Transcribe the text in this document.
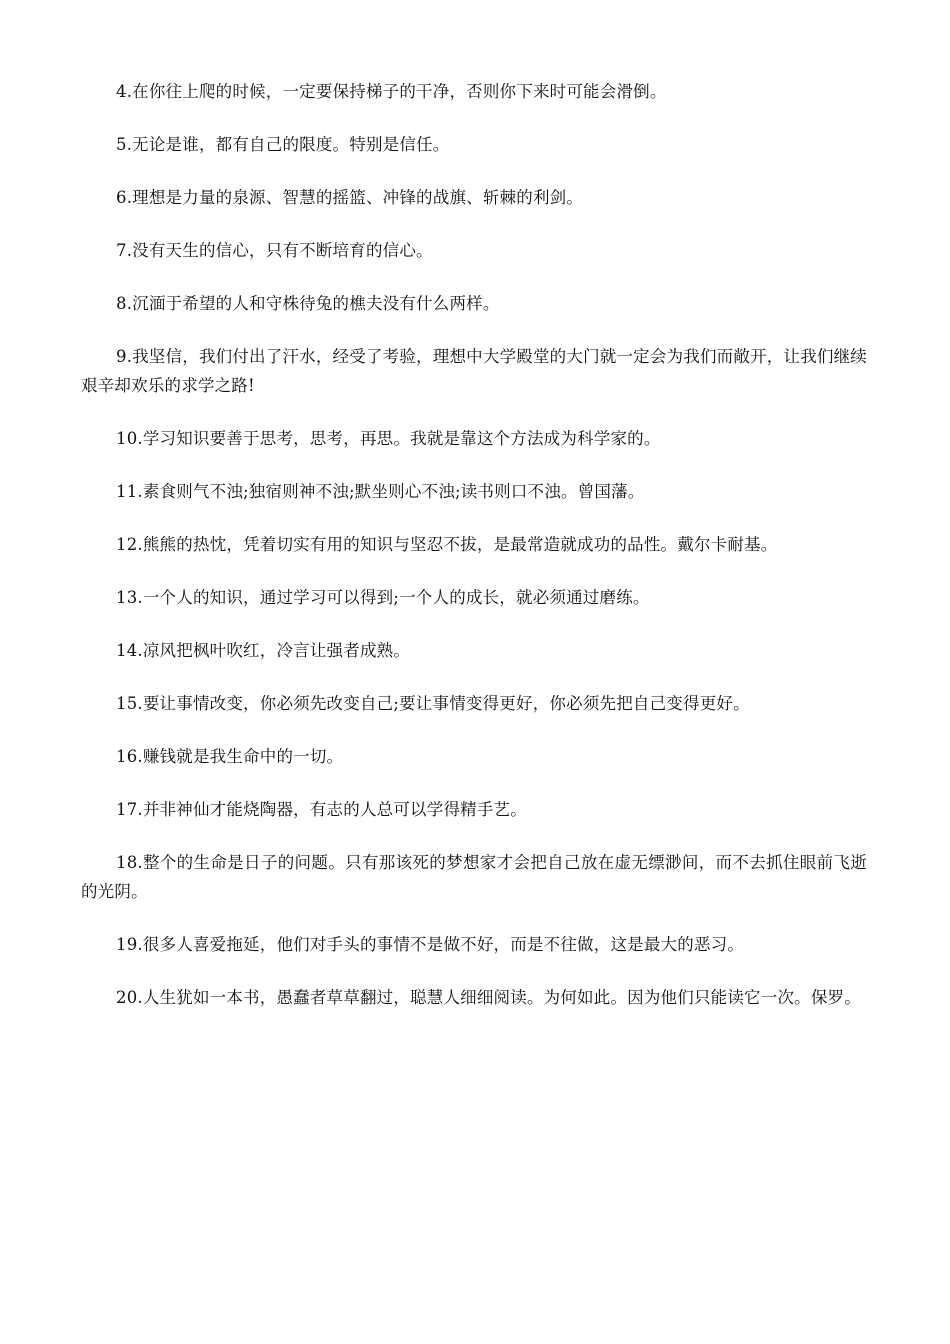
4.在你往上爬的时候，一定要保持梯子的干净，否则你下来时可能会滑倒。

5.无论是谁，都有自己的限度。特别是信任。

6.理想是力量的泉源、智慧的摇篮、冲锋的战旗、斩棘的利剑。

7.没有天生的信心，只有不断培育的信心。

8.沉湎于希望的人和守株待兔的樵夫没有什么两样。

9.我坚信，我们付出了汗水，经受了考验，理想中大学殿堂的大门就一定会为我们而敞开，让我们继续艰辛却欢乐的求学之路!

10.学习知识要善于思考，思考，再思。我就是靠这个方法成为科学家的。

11.素食则气不浊;独宿则神不浊;默坐则心不浊;读书则口不浊。曾国藩。

12.熊熊的热忱，凭着切实有用的知识与坚忍不拔，是最常造就成功的品性。戴尔卡耐基。

13.一个人的知识，通过学习可以得到;一个人的成长，就必须通过磨练。

14.凉风把枫叶吹红，冷言让强者成熟。

15.要让事情改变，你必须先改变自己;要让事情变得更好，你必须先把自己变得更好。

16.赚钱就是我生命中的一切。

17.并非神仙才能烧陶器，有志的人总可以学得精手艺。

18.整个的生命是日子的问题。只有那该死的梦想家才会把自己放在虚无缥渺间，而不去抓住眼前飞逝的光阴。

19.很多人喜爱拖延，他们对手头的事情不是做不好，而是不往做，这是最大的恶习。

20.人生犹如一本书，愚蠢者草草翻过，聪慧人细细阅读。为何如此。因为他们只能读它一次。保罗。
